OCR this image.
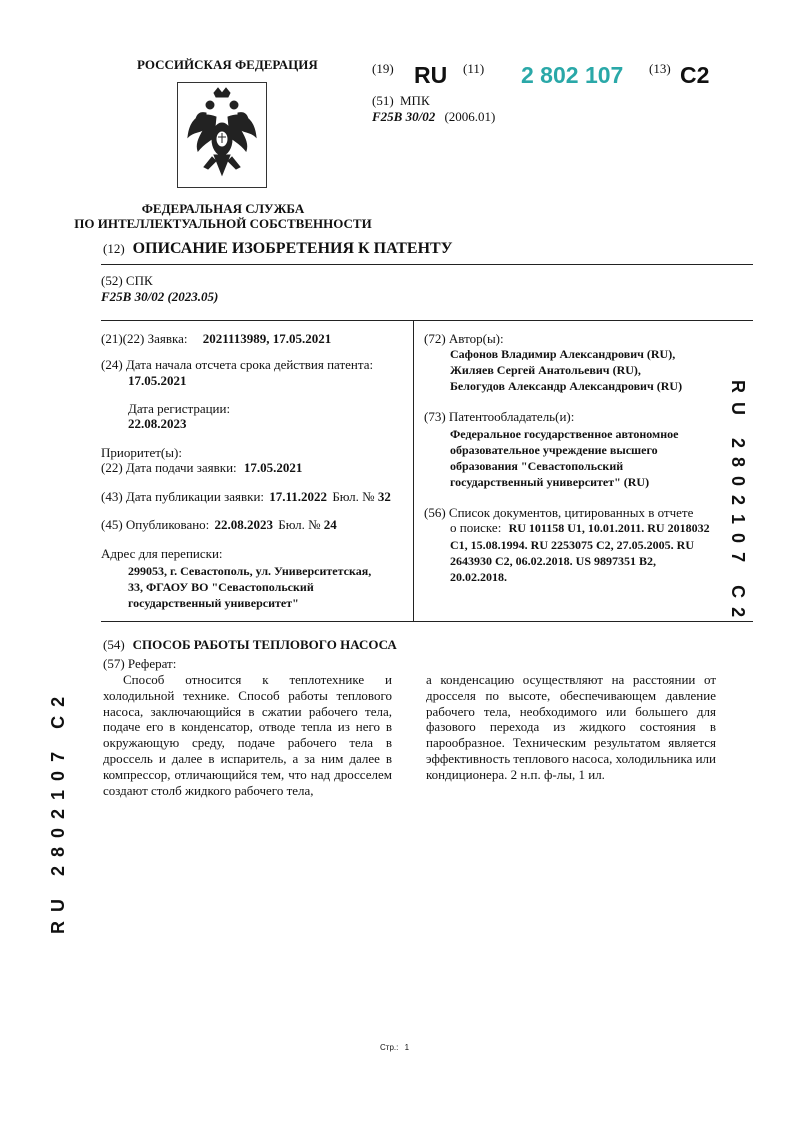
РОССИЙСКАЯ ФЕДЕРАЦИЯ
ФЕДЕРАЛЬНАЯ СЛУЖБА
ПО ИНТЕЛЛЕКТУАЛЬНОЙ СОБСТВЕННОСТИ
(19) RU (11) 2 802 107 (13) C2
(51) МПК
F25B 30/02 (2006.01)
(12) ОПИСАНИЕ ИЗОБРЕТЕНИЯ К ПАТЕНТУ
(52) СПК
F25B 30/02 (2023.05)
(21)(22) Заявка: 2021113989, 17.05.2021
(24) Дата начала отсчета срока действия патента:
17.05.2021
Дата регистрации:
22.08.2023
Приоритет(ы):
(22) Дата подачи заявки: 17.05.2021
(43) Дата публикации заявки: 17.11.2022 Бюл. № 32
(45) Опубликовано: 22.08.2023 Бюл. № 24
Адрес для переписки:
299053, г. Севастополь, ул. Университетская,
33, ФГАОУ ВО "Севастопольский
государственный университет"
(72) Автор(ы):
Сафонов Владимир Александрович (RU),
Жиляев Сергей Анатольевич (RU),
Белогудов Александр Александрович (RU)
(73) Патентообладатель(и):
Федеральное государственное автономное
образовательное учреждение высшего
образования "Севастопольский
государственный университет" (RU)
(56) Список документов, цитированных в отчете
о поиске: RU 101158 U1, 10.01.2011. RU 2018032
C1, 15.08.1994. RU 2253075 C2, 27.05.2005. RU
2643930 C2, 06.02.2018. US 9897351 B2,
20.02.2018.
(54) СПОСОБ РАБОТЫ ТЕПЛОВОГО НАСОСА
(57) Реферат:

Способ относится к теплотехнике и холодильной технике. Способ работы теплового насоса, заключающийся в сжатии рабочего тела, подаче его в конденсатор, отводе тепла из него в окружающую среду, подаче рабочего тела в дроссель и далее в испаритель, а за ним далее в компрессор, отличающийся тем, что над дросселем создают столб жидкого рабочего тела,

а конденсацию осуществляют на расстоянии от дросселя по высоте, обеспечивающем давление рабочего тела, необходимого или большего для фазового перехода из жидкого состояния в парообразное. Техническим результатом является эффективность теплового насоса, холодильника или кондиционера. 2 н.п. ф-лы, 1 ил.

RU 2802107 C2
RU 2802107 C2
Стр.: 1
